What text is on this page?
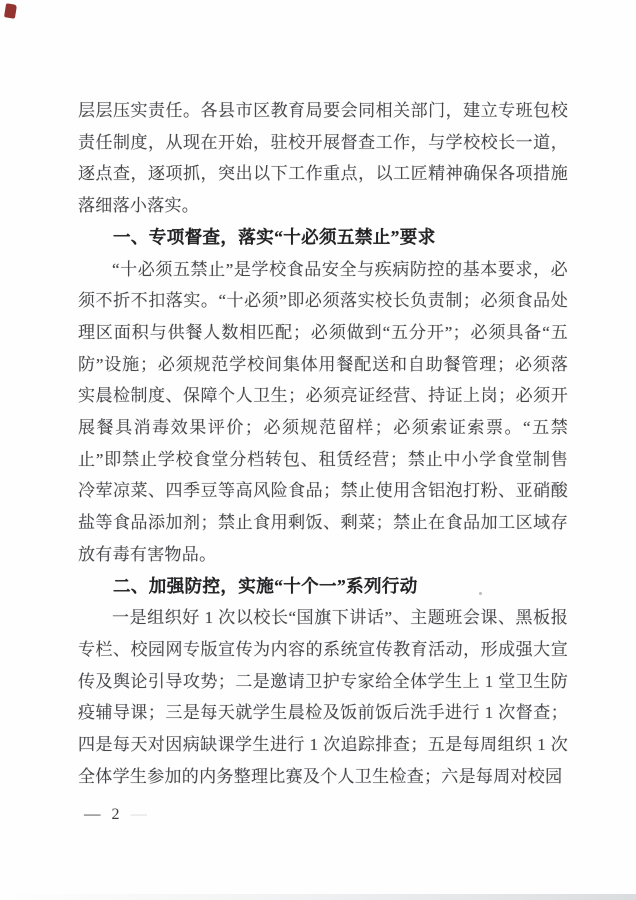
层层压实责任。各县市区教育局要会同相关部门，建立专班包校责任制度，从现在开始，驻校开展督查工作，与学校校长一道，逐点查，逐项抓，突出以下工作重点，以工匠精神确保各项措施落细落小落实。

一、专项督查，落实“十必须五禁止”要求

“十必须五禁止”是学校食品安全与疾病防控的基本要求，必须不折不扣落实。“十必须”即必须落实校长负责制；必须食品处理区面积与供餐人数相匹配；必须做到“五分开”；必须具备“五防”设施；必须规范学校间集体用餐配送和自助餐管理；必须落实晨检制度、保障个人卫生；必须亮证经营、持证上岗；必须开展餐具消毒效果评价；必须规范留样；必须索证索票。“五禁止”即禁止学校食堂分档转包、租赁经营；禁止中小学食堂制售冷荤凉菜、四季豆等高风险食品；禁止使用含铝泡打粉、亚硝酸盐等食品添加剂；禁止食用剩饭、剩菜；禁止在食品加工区域存放有毒有害物品。

二、加强防控，实施“十个一”系列行动

一是组织好 1 次以校长“国旗下讲话”、主题班会课、黑板报专栏、校园网专版宣传为内容的系统宣传教育活动，形成强大宣传及舆论引导攻势；二是邀请卫护专家给全体学生上 1 堂卫生防疫辅导课；三是每天就学生晨检及饭前饭后洗手进行 1 次督查；四是每天对因病缺课学生进行 1 次追踪排查；五是每周组织 1 次全体学生参加的内务整理比赛及个人卫生检查；六是每周对校园

— 2 —
